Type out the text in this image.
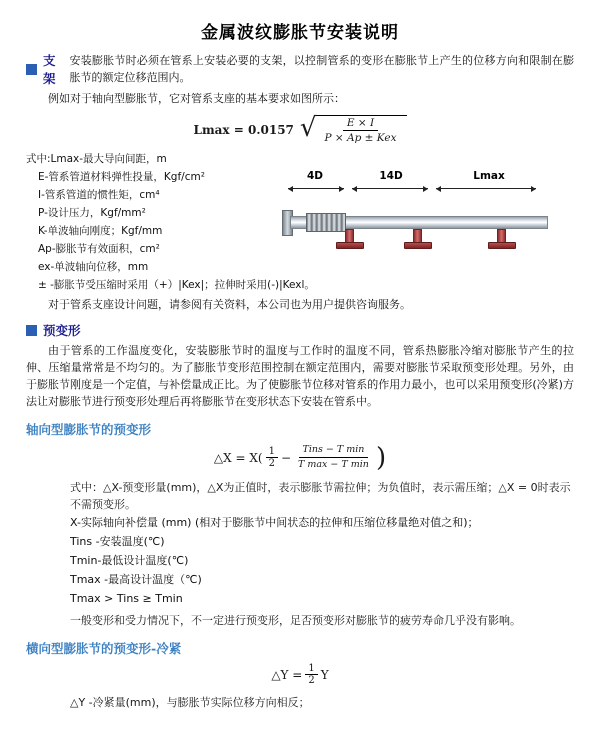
金属波纹膨胀节安装说明
支架
安装膨胀节时必须在管系上安装必要的支架，以控制管系的变形在膨胀节上产生的位移方向和限制在膨胀节的额定位移范围内。
例如对于轴向型膨胀节，它对管系支座的基本要求如图所示：
Lmax = 0.0157 √ $\frac{E \times I}{\text{P × Ap ± Kex}}$
式中:Lmax-最大导向间距，m
E-管系管道材料弹性投量，Kgf/cm²
I-管系管道的惯性矩，cm⁴
P-设计压力，Kgf/mm²
K-单波轴向刚度；Kgf/mm
Ap-膨胀节有效面积，cm²
ex-单波轴向位移，mm
± -膨胀节受压缩时采用（+）|Kex|；拉伸时采用(-)|Kexl。
4D	14D	Lmax
对于管系支座设计问题，请参阅有关资料，本公司也为用户提供咨询服务。
预变形
由于管系的工作温度变化，安装膨胀节时的温度与工作时的温度不同，管系热膨胀冷缩对膨胀节产生的拉伸、压缩量常常是不均匀的。为了膨胀节变形范围控制在额定范围内，需要对膨胀节采取预变形处理。另外，由于膨胀节刚度是一个定值，与补偿量成正比。为了使膨胀节位移对管系的作用力最小，也可以采用预变形(冷紧)方法让对膨胀节进行预变形处理后再将膨胀节在变形状态下安装在管系中。
轴向型膨胀节的预变形
△X = $X( \frac{1}{2} - \frac{\text{Tins − T min}}{\text{T max − T min}}$ )
式中：△X-预变形量(mm)，△X为正值时，表示膨胀节需拉伸；为负值时，表示需压缩；△X = 0时表示不需预变形。
X-实际轴向补偿量 (mm) (相对于膨胀节中间状态的拉伸和压缩位移量绝对值之和)；
Tins -安装温度(℃)
Tmin-最低设计温度(℃)
Tmax -最高设计温度（℃)
Tmax > Tins ≥ Tmin
一般变形和受力情况下，不一定进行预变形，足否预变形对膨胀节的疲劳寿命几乎没有影响。
横向型膨胀节的预变形-冷紧
△Y = $\frac{1}{2}$ Y
△Y -冷紧量(mm)，与膨胀节实际位移方向相反；
